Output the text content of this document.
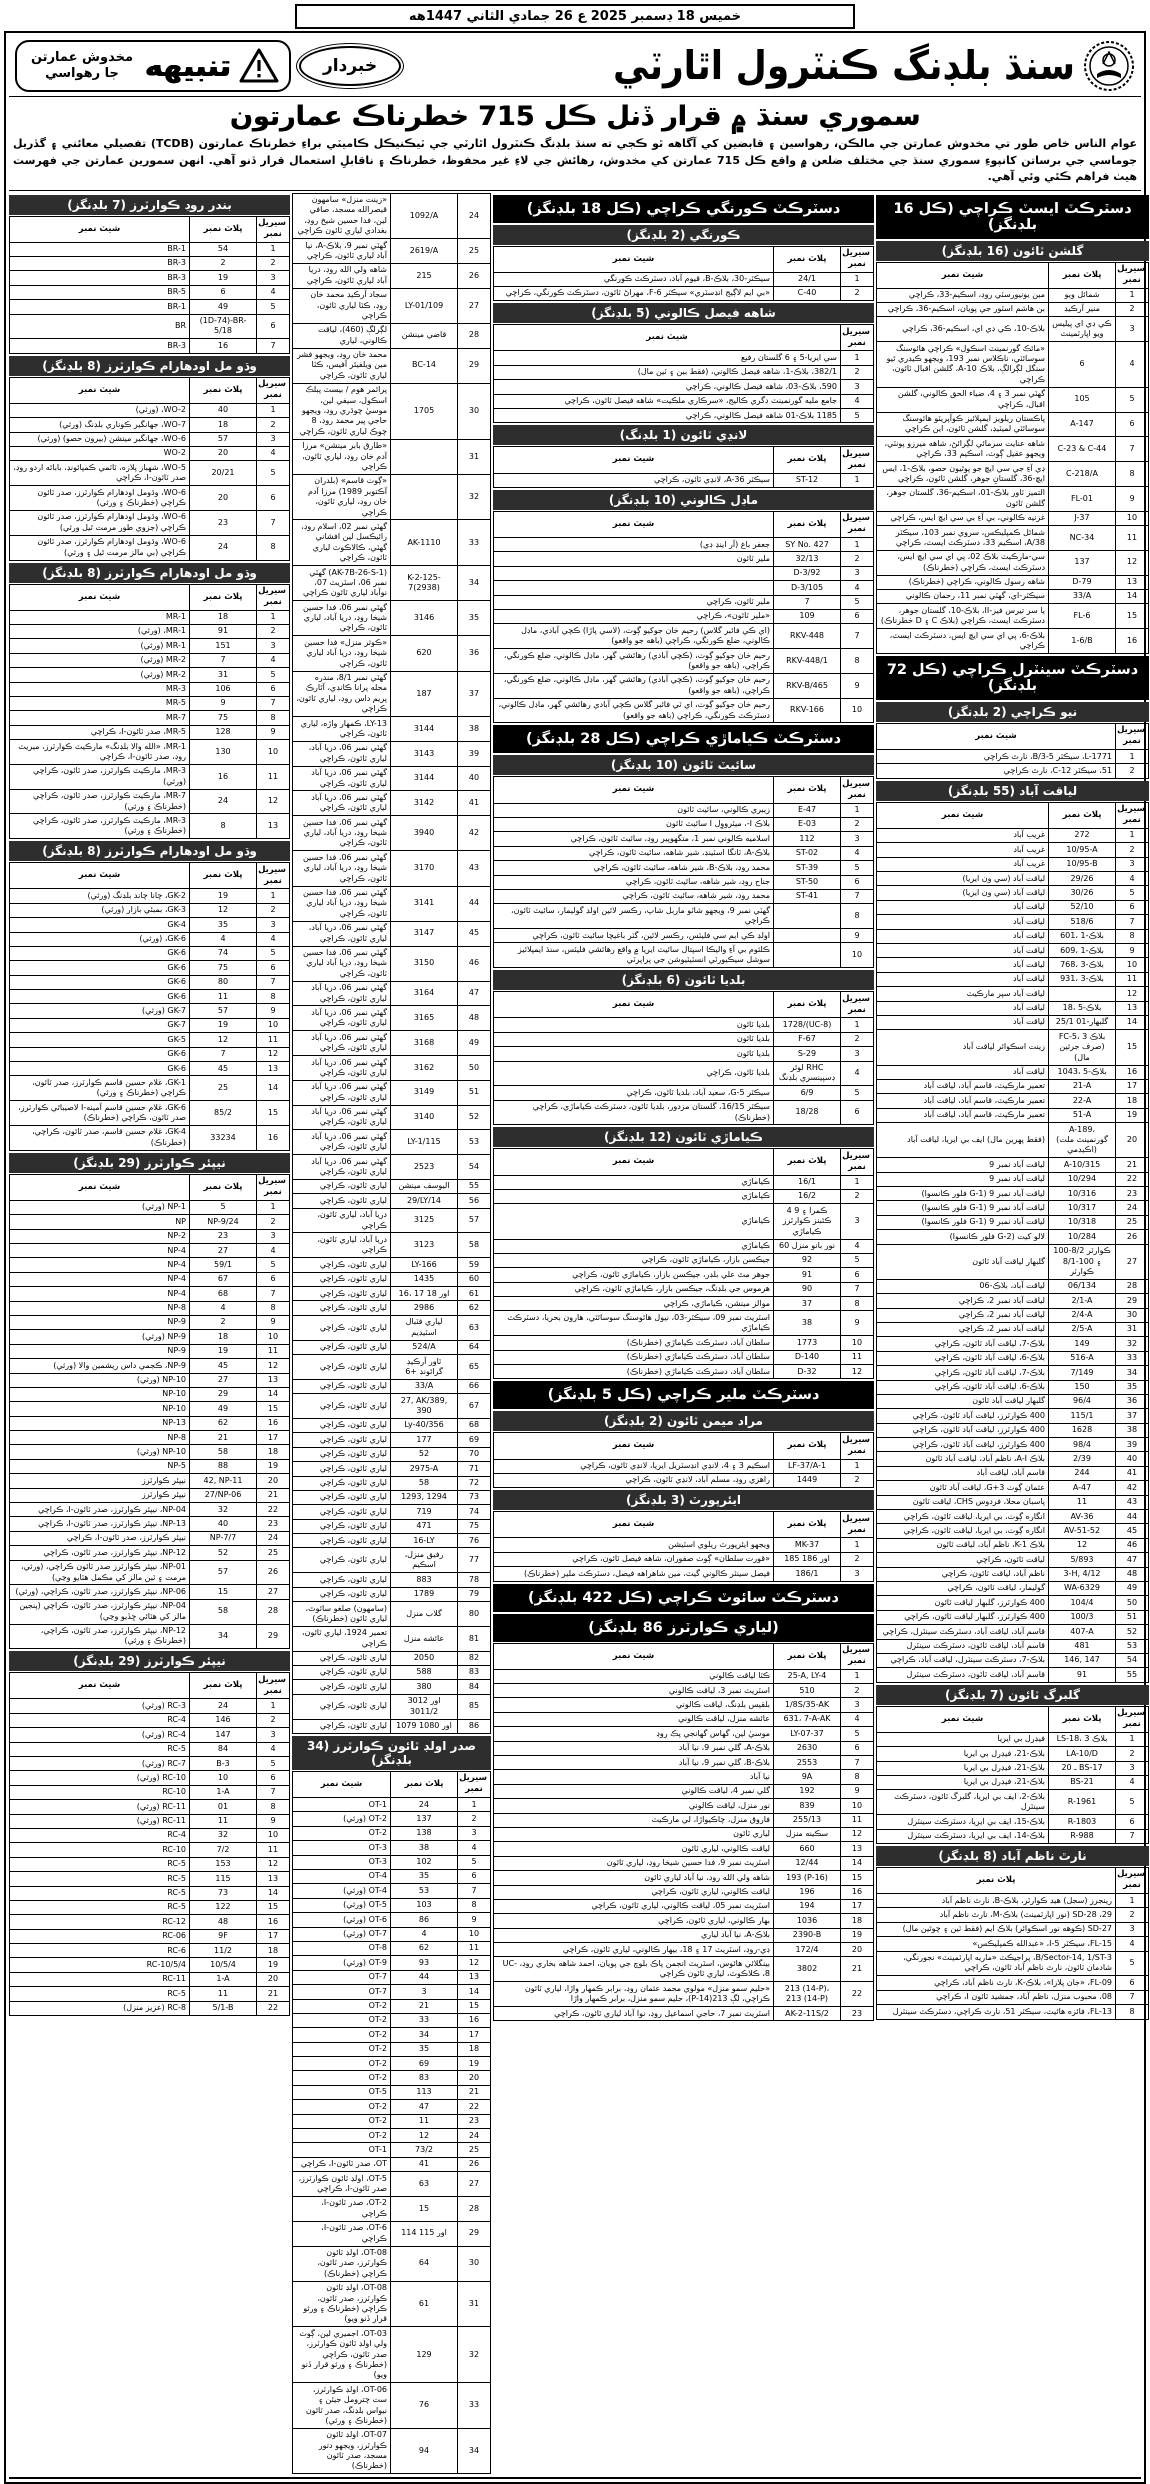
خميس 18 ڊسمبر 2025 ع 26 جمادي الثاني 1447هه
سنڌ بلڊنگ ڪنٽرول اٿارٽي
خبردار
تنبيهه
مخدوش عمارتن جا رهواسي
سموري سنڌ ۾ قرار ڏنل ڪل 715 خطرناڪ عمارتون
عوام الناس خاص طور تي مخدوش عمارتن جي مالڪن، رهواسين ۽ قابضين کي آگاهه ٿو ڪجي ته سنڌ بلڊنگ ڪنٽرول اٿارٽي جي ٽيڪنيڪل ڪاميٽي براءِ خطرناڪ عمارتون (TCDB) تفصيلي معائني ۽ گڏريل جوماسي جي برساتن کانپوءِ سموري سنڌ جي مختلف ضلعن ۾ واقع ڪل 715 عمارتن کي مخدوش، رهائش جي لاءِ غير محفوظ، خطرناڪ ۽ ناقابلِ استعمال قرار ڏنو آهي. انهن سمورين عمارتن جي فهرست هيٺ فراهم ڪئي وئي آهي.
بندر روڊ ڪوارٽرز (7 بلڊنگز)
سيريل نمبر	پلاٽ نمبر	شيٽ نمبر
1	54	BR-1
2	2	BR-3
3	19	BR-3
4	6	BR-5
5	49	BR-1
6	(1D-74)-BR-5/18	BR
7	16	BR-3
وڌو مل اودهارام ڪوارٽرز (8 بلڊنگز)
سيريل نمبر	پلاٽ نمبر	شيٽ نمبر
1	40	WO-2، (ورثي)
2	18	WO-7، جهانگير ڪوناري بلڊنگ (ورثي)
3	57	WO-6، جهانگير مينشن (بيرون حصو) (ورثي)
4	20	WO-2
5	20/21	WO-5، شهباز پلازه، ٽاٽمي ڪمپائونڊ، بابائه اردو روڊ، صدر ٽائون-I، ڪراچي
6	20	WO-6، وڌومل اودهارام ڪوارٽرز، صدر ٽائون ڪراچي (خطرناڪ ۽ ورثي)
7	23	WO-6، وڌومل اودهارام ڪوارٽرز، صدر ٽائون ڪراچي (جزوي طور مرمت ٿيل ورثي)
8	24	WO-6، وڌومل اودهارام ڪوارٽرز، صدر ٽائون ڪراچي (بي مالز مرمت ٿيل ۽ ورثي)
وڌو مل اودهارام ڪوارٽرز (8 بلڊنگز)
سيريل نمبر	پلاٽ نمبر	شيٽ نمبر
1	18	MR-1
2	91	MR-1، (ورثي)
3	151	MR-1 (ورثي)
4	7	MR-2 (ورثي)
5	31	MR-2 (ورثي)
6	106	MR-3
7	9	MR-5
8	75	MR-7
9	128	MR-5، صدر ٽائون-I، ڪراچي
10	130	MR-1، «الله والا بلڊنگ» مارڪيٽ ڪوارٽرز، ميريٽ روڊ، صدر ٽائون-I، ڪراچي
11	16	MR-3، مارڪيٽ ڪوارٽرز، صدر ٽائون، ڪراچي (ورثي)
12	24	MR-7، مارڪيٽ ڪوارٽرز، صدر ٽائون، ڪراچي (خطرناڪ ۽ ورثي)
13	8	MR-3، مارڪيٽ ڪوارٽرز، صدر ٽائون، ڪراچي (خطرناڪ ۽ ورثي)
وڌو مل اودهارام ڪوارٽرز (8 بلڊنگز)
سيريل نمبر	پلاٽ نمبر	شيٽ نمبر
1	19	GK-2، چانا چاند بلڊنگ (ورثي)
2	12	GK-3، بمبئي بازار (ورثي)
3	35	GK-4
4	4	GK-6، (ورثي)
5	74	GK-6
6	75	GK-6
7	80	GK-6
8	11	GK-6
9	57	GK-7 (ورثي)
10	19	GK-7
11	12	GK-5
12	7	GK-6
13	45	GK-6
14	25	GK-1، غلام حسين قاسم ڪوارٽرز، صدر ٽائون، ڪراچي (خطرناڪ ۽ ورثي)
15	85/2	GK-6، غلام حسين قاسم آمينه-I لاصيباٿي ڪوارٽرز، صدر ٽائون، ڪراچي (خطرناڪ)
16	33234	GK-4، غلام حسين قاسم، صدر ٽائون، ڪراچي، (خطرناڪ)
نيپئر ڪوارٽرز (29 بلڊنگز)
سيريل نمبر	پلاٽ نمبر	شيٽ نمبر
1	5	NP-1 (ورثي)
2	NP-9/24	NP
3	23	NP-2
4	27	NP-4
5	59/1	NP-4
6	67	NP-4
7	68	NP-4
8	4	NP-8
9	2	NP-9
10	18	NP-9 (ورثي)
11	19	NP-9
12	45	NP-9، ڪجمي داس ريشمين والا (ورثي)
13	27	NP-10 (ورثي)
14	29	NP-10
15	49	NP-10
16	62	NP-13
17	21	NP-8
18	58	NP-10 (ورثي)
19	88	NP-5
20	42, NP-11	نيپئر ڪوارٽرز
21	27/NP-06	نيپئر ڪوارٽرز
22	32	NP-04، نيپئر ڪوارٽرز، صدر ٽائون-I، ڪراچي
23	40	NP-13، نيپئر ڪوارٽرز، صدر ٽائون-I، ڪراچي
24	NP-7/7	نيپئر ڪوارٽرز، صدر ٽائون-I، ڪراچي
25	52	NP-12، نيپئر ڪوارٽرز، صدر ٽائون، ڪراچي
26	57	NP-01، نيپئر ڪوارٽرز صدر ٽائون ڪراچي، (ورثي، مرمت ۽ ٽين مالز کي مڪمل هٽايو وڃي)
27	15	NP-06، نيپئر ڪوارٽرز، صدر ٽائون، ڪراچي، (ورثي)
28	58	NP-04، نيپئر ڪوارٽرز، صدر ٽائون، ڪراچي (پنجين مالز کي هٽائي ڇڏيو وڃي)
29	34	NP-12، نيپئر ڪوارٽرز، صدر ٽائون، ڪراچي، (خطرناڪ ۽ ورثي)
نيپئر ڪوارٽرز (29 بلڊنگز)
سيريل نمبر	پلاٽ نمبر	شيٽ نمبر
1	24	RC-3 (ورثي)
2	146	RC-4
3	147	RC-4 (ورثي)
4	84	RC-5
5	B-3	RC-7 (ورثي)
6	10	RC-10 (ورثي)
7	1-A	RC-10
8	01	RC-11 (ورثي)
9	11	RC-11 (ورثي)
10	32	RC-4
11	7/2	RC-10
12	153	RC-5
13	115	RC-5
14	73	RC-5
15	122	RC-5
16	48	RC-12
17	9F	RC-06
18	11/2	RC-6
19	10/5/4	RC-10/5/4
20	1-A	RC-11
21	11	RC-5
22	5/1-B	RC-8 (عزيز منزل)
24	1092/A	«زينت منزل» سامهون قيصرالله مسجد، صافي لين، فدا حسين شيخ روڊ، بغدادي لياري ٽائون ڪراچي
25	2619/A	گهٽي نمبر 9، بلاڪ-A، نيا آباد لياري ٽائون، ڪراچي
26	215	شاهه ولي الله روڊ، دريا آباد لياري ٽائون، ڪراچي
27	LY-01/109	سجاد آرڪيڊ محمد خان روڊ، ڪٽا لياري ٽائون، ڪراچي
28	قاضي مينشن	لڳرلڳ (460)، لياقت ڪالوني، لياري
29	BC-14	محمد خان روڊ، ويجهو فشر مين ويلفيئر آفيس، ڪٽا لياري ٽائون، ڪراچي
30	1705	پرائمر هوم / بيسٽ پبلڪ اسڪول، سيفي لين، موسيٰ چوڌري روڊ، ويجهو حاجي پير محمد روڊ، 8 چوڪ لياري ٽائون، ڪراچي
31		«طارق بابر مينشن» مرزا آدم خان روڊ، لياري ٽائون، ڪراچي
32		«ڳوٺ قاسم» (بلدران آڪتوبر 1989) مرزا آدم خان روڊ، لياري ٽائون، ڪراچي
33	AK-1110	گهٽي نمبر 02، اسلام روڊ، رائيڪسل لين افشاني گهٽي، ڪالاڪوٽ لياري ٽائون، ڪراچي
34	K-2-125-7(2938)	(AK-7B-26-S-1) گهٽي نمبر 06، اسٽريٽ 07، نوآباد لياري ٽائون ڪراچي
35	3146	گهٽي نمبر 06، فدا حسين شيخا روڊ، دريا آباد، لياري ٽائون، ڪراچي
36	620	«ڪوثر منزل» فدا حسين شيخا روڊ، دريا آباد لياري ٽائون، ڪراچي
37	187	گهٽي نمبر 8/1، مندره محله پرانا ڪانڊي، آٿارڪ پريم داس روڊ، لياري ٽائون، ڪراچي
38	3144	LY-13، ڪمهار واڙه، لياري ٽائون، ڪراچي
39	3143	گهٽي نمبر 06، دريا آباد، لياري ٽائون، ڪراچي
40	3144	گهٽي نمبر 06، دريا آباد لياري ٽائون، ڪراچي
41	3142	گهٽي نمبر 06، دريا آباد لياري ٽائون، ڪراچي
42	3940	گهٽي نمبر 06، فدا حسين شيخا روڊ، دريا آباد، لياري ٽائون، ڪراچي
43	3170	گهٽي نمبر 06، فدا حسين شيخا روڊ، دريا آباد، لياري ٽائون، ڪراچي
44	3141	گهٽي نمبر 06، فدا حسين شيخا روڊ، دريا آباد لياري ٽائون، ڪراچي
45	3147	گهٽي نمبر 06، دريا آباد، لياري ٽائون، ڪراچي
46	3150	گهٽي نمبر 06، فدا حسين شيخا روڊ، دريا آباد لياري ٽائون، ڪراچي
47	3164	گهٽي نمبر 06، دريا آباد لياري ٽائون، ڪراچي
48	3165	گهٽي نمبر 06، دريا آباد لياري ٽائون، ڪراچي
49	3168	گهٽي نمبر 06، دريا آباد لياري ٽائون، ڪراچي
50	3162	گهٽي نمبر 06، دريا آباد لياري ٽائون، ڪراچي
51	3149	گهٽي نمبر 06، دريا آباد لياري ٽائون، ڪراچي
52	3140	گهٽي نمبر 06، دريا آباد لياري ٽائون، ڪراچي
53	LY-1/115	گهٽي نمبر 06، دريا آباد لياري ٽائون، ڪراچي
54	2523	گهٽي نمبر 06، دريا آباد لياري ٽائون، ڪراچي
55	اليوسف مينشن	لياري ٽائون، ڪراچي
56	29/LY/14	لياري ٽائون، ڪراچي
57	3125	دريا آباد، لياري ٽائون، ڪراچي
58	3123	دريا آباد، لياري ٽائون، ڪراچي
59	LY-166	لياري ٽائون، ڪراچي
60	1435	لياري ٽائون، ڪراچي
61	16، 17 اور 18	لياري ٽائون، ڪراچي
62	2986	لياري ٽائون، ڪراچي
63	لياري فٽبال اسٽيڊيم	لياري ٽائون، ڪراچي
64	524/A	لياري ٽائون، ڪراچي
65	ٽاور آرڪيڊ گرائونڊ +6	لياري ٽائون، ڪراچي
66	33/A	لياري ٽائون، ڪراچي
67	27, AK/389, 390	لياري ٽائون، ڪراچي
68	Ly-40/356	لياري ٽائون، ڪراچي
69	177	لياري ٽائون، ڪراچي
70	52	لياري ٽائون، ڪراچي
71	2975-A	لياري ٽائون، ڪراچي
72	58	لياري ٽائون، ڪراچي
73	1293, 1294	لياري ٽائون، ڪراچي
74	719	لياري ٽائون، ڪراچي
75	471	لياري ٽائون، ڪراچي
76	16-LY	لياري ٽائون، ڪراچي
77	رفيق منزل، اسڪيم	لياري ٽائون، ڪراچي
78	883	لياري ٽائون، ڪراچي
79	1789	لياري ٽائون، ڪراچي
80	گلاب منزل	(سامهون) صلغو سائوٿ، لياري ٽائون (خطرناڪ)
81	عائشه منزل	تعمير 1924، لياري ٽائون، ڪراچي
82	2050	لياري ٽائون، ڪراچي
83	588	لياري ٽائون، ڪراچي
84	380	لياري ٽائون، ڪراچي
85	3012 اور 3011/2	لياري ٽائون، ڪراچي
86	1079 اور 1080	لياري ٽائون، ڪراچي
صدر اولڊ ٽائون ڪوارٽرز (34 بلڊنگز)
سيريل نمبر	پلاٽ نمبر	شيٽ نمبر
1	24	OT-1
2	137	OT-2 (ورثي)
3	138	OT-2
4	38	OT-3
5	102	OT-3
6	35	OT-4
7	53	OT-4 (ورثي)
8	103	OT-5 (ورثي)
9	86	OT-6 (ورثي)
10	4	OT-7 (ورثي)
11	62	OT-8
12	93	OT-9 (ورثي)
13	44	OT-7
14	3	OT-7
15	21	OT-2
16	33	OT-2
17	34	OT-2
18	35	OT-2
19	69	OT-2
20	83	OT-2
21	113	OT-5
22	47	OT-2
23	11	OT-2
24	12	OT-2
25	73/2	OT-1
26	41	OT، صدر ٽائون-I، ڪراچي
27	63	OT-5، اولڊ ٽائون ڪوارٽرز، صدر ٽائون-I، ڪراچي
28	15	OT-2، صدر ٽائون-I، ڪراچي
29	114 اور 115	OT-6، صدر ٽائون-I، ڪراچي
30	64	OT-08، اولڊ ٽائون ڪوارٽرز، صدر ٽائون، ڪراچي (خطرناڪ)
31	61	OT-08، اولڊ ٽائون ڪوارٽرز، صدر ٽائون، ڪراچي (خطرناڪ ۽ ورثو قرار ڏنو ويو)
32	129	OT-03، اجميري لين، ڳوٺ ولي اولڊ ٽائون ڪوارٽرز، صدر ٽائون، ڪراچي (خطرناڪ ۽ ورثو قرار ڏنو ويو)
33	76	OT-06، اولڊ ڪوارٽرز، ست چترومل جيئن ۽ نيواس بلڊنگ، صدر ٽائون (خطرناڪ ۽ ورثي)
34	94	OT-07، اولڊ ٽائون ڪوارٽرز، ويجهو دتور مسجد، صدر ٽائون (خطرناڪ)
دسٽرڪٽ ڪورنگي ڪراچي (ڪل 18 بلڊنگز)
ڪورنگي (2 بلڊنگز)
سيريل نمبر	پلاٽ نمبر	شيٽ نمبر
1	24/1	سيڪٽر-30، بلاڪ-B، قيوم آباد، دسٽرڪٽ ڪورنگي
2	C-40	«بي ايم لاڳيج انڊسٽري» سيڪٽر 6-F، مهراڻ ٽائون، دسٽرڪٽ ڪورنگي، ڪراچي
شاهه فيصل ڪالوني (5 بلڊنگز)
سيريل نمبر	شيٽ نمبر
1	سي ايريا-5 ۽ 6 گلستان رفيع
2	382/1، بلاڪ-1، شاهه فيصل ڪالوني، (فقط بين ۽ ٽين مال)
3	590، بلاڪ-03، شاهه فيصل ڪالوني، ڪراچي
4	جامع مليه گورنمينٽ ڊگري ڪاليج، «سرڪاري ملڪيت» شاهه فيصل ٽائون، ڪراچي
5	1185 بلاڪ-01 شاهه فيصل ڪالوني، ڪراچي
لانڍي ٽائون (1 بلڊنگ)
سيريل نمبر	پلاٽ نمبر	شيٽ نمبر
1	ST-12	سيڪٽر A-36، لانڍي ٽائون، ڪراچي
ماڊل ڪالوني (10 بلڊنگز)
سيريل نمبر	پلاٽ نمبر	شيٽ نمبر
1	SY No. 427	جعفر باغ (آر اينڊ ڊي)
2	32/13	ملير ٽائون
3	D-3/92	
4	D-3/105	
5	7	ملير ٽائون، ڪراچي
6	109	«ملير ٽائون»، ڪراچي
7	RKV-448	(اي ڪي فائبر گلاس) رحيم خان جوکيو ڳوٺ، (لاسي پاڙا) ڪچي آبادي، ماڊل ڪالوني، ضلع ڪورنگي، ڪراچي (باهه جو واقعو)
8	RKV-448/1	رحيم خان جوکيو ڳوٺ، (ڪچي آبادي) رهائشي گهر، ماڊل ڪالوني، ضلع ڪورنگي، ڪراچي، (باهه جو واقعو)
9	RKV-B/465	رحيم خان جوکيو ڳوٺ، (ڪچي آبادي) رهائشي گهر، ماڊل ڪالوني، ضلع ڪورنگي، ڪراچي، (باهه جو واقعو)
10	RKV-166	رحيم خان جوکيو ڳوٺ، اي ٽي فائبر گلاس ڪچي آبادي رهائشي گهر، ماڊل ڪالوني، دسٽرڪٽ ڪورنگي، ڪراچي (باهه جو واقعو)
دسٽرڪٽ ڪياماڙي ڪراچي (ڪل 28 بلڊنگز)
سائيٽ ٽائون (10 بلڊنگز)
سيريل نمبر	پلاٽ نمبر	شيٽ نمبر
1	E-47	زيبري ڪالوني، سائيٽ ٽائون
2	E-03	بلاڪ I-، ميٽرووِل I سائيٽ ٽائون
3	112	اسلاميه ڪالوني نمبر 1، منگهوپير روڊ، سائيٽ ٽائون، ڪراچي
4	ST-02	بلاڪ-A، ٽانگا اسٽينڊ، شير شاهه، سائيٽ ٽائون، ڪراچي
5	ST-39	محمد روڊ، بلاڪ-B، شير شاهه، سائيٽ ٽائون، ڪراچي
6	ST-50	جناح روڊ، شير شاهه، سائيٽ ٽائون، ڪراچي
7	ST-41	محمد روڊ، شير شاهه، سائيٽ ٽائون، ڪراچي
8		گهٽي نمبر 9، ويجهو شاٽو ماربل شاپ، رڪسر لائين اولڊ گوليمار، سائيٽ ٽائون، ڪراچي
9		اولڊ ڪي ايم سي فليٽس، رڪسر لائين، گٽر باغيچا سائيٽ ٽائون، ڪراچي
10		ڪلثوم بي آءِ واليڪا اسپتال سائيٽ ايريا ۾ واقع رهائشي فليٽس، سنڌ ايمپلائيز سوشل سيڪيورٽي انسٽيٽيوشن جي پراپرٽي
بلديا ٽائون (6 بلڊنگز)
سيريل نمبر	پلاٽ نمبر	شيٽ نمبر
1	1728/(UC-8)	بلديا ٽائون
2	F-67	بلديا ٽائون
3	S-29	بلديا ٽائون
4	لوئر RHC ڊسپينسري بلڊنگ	بلديا ٽائون، ڪراچي
5	6/9	سيڪٽر G-5، سعيد آباد، بلديا ٽائون، ڪراچي
6	18/28	سيڪٽر 16/15، گلستان مزدور، بلديا ٽائون، دسٽرڪٽ ڪياماڙي، ڪراچي (خطرناڪ)
ڪياماڙي ٽائون (12 بلڊنگز)
سيريل نمبر	پلاٽ نمبر	شيٽ نمبر
1	16/1	ڪياماڙي
2	16/2	ڪياماڙي
3	4 ڪمرا ۽ 9 ڪئبنز ڪوارٽرز ڪياماڙي	ڪياماڙي
4	60 نور بانو منزل	ڪياماڙي
5	92	جيڪسن بازار، ڪياماڙي ٽائون، ڪراچي
6	91	جوهر مٿ علي بلڊر، جيڪسن بازار، ڪياماڙي ٽائون، ڪراچي
7	90	هرموس جي بلڊنگ، جيڪسن بازار، ڪياماڙي ٽائون، ڪراچي
8	37	موالز مينشن، ڪياماڙي، ڪراچي
9	38	اسٽريٽ نمبر 09، سيڪٽر-03، نيول هائوسنگ سوسائٽي، هارون بحريا، دسٽرڪٽ ڪياماڙي
10	1773	سلطان آباد، دسٽرڪٽ ڪياماڙي (خطرناڪ)
11	D-140	سلطان آباد، دسٽرڪٽ ڪياماڙي (خطرناڪ)
12	D-32	سلطان آباد، دسٽرڪٽ ڪياماڙي (خطرناڪ)
دسٽرڪٽ ملير ڪراچي (ڪل 5 بلڊنگز)
مراد ميمن ٽائون (2 بلڊنگز)
سيريل نمبر	پلاٽ نمبر	شيٽ نمبر
1	LF-37/A-1	اسڪيم 3 ۽ 4، لانڍي انڊسٽريل ايريا، لانڍي ٽائون، ڪراچي
2	1449	راهزي روڊ، مسلم آباد، لانڍي ٽائون، ڪراچي
ايئرپورٽ (3 بلڊنگز)
سيريل نمبر	پلاٽ نمبر	شيٽ نمبر
1	MK-37	ويجهو ايئرپورٽ ريلوي اسٽيشن
2	185 اور 186	«قورت سلطان» ڳوٺ صفوران، شاهه فيصل ٽائون، ڪراچي
3	186/1	فيصل سينٽر ڪالوني گيٽ، مين شاهراهه فيصل، دسٽرڪٽ ملير (خطرناڪ)
دسٽرڪٽ سائوٽ ڪراچي (ڪل 422 بلڊنگز)
(لياري ڪوارٽرز 86 بلڊنگز)
سيريل نمبر	پلاٽ نمبر	شيٽ نمبر
1	25-A, LY-4	ڪٽا لياقت ڪالوني
2	510	اسٽريٽ نمبر 3، لياقت ڪالوني
3	1/8S/35-AK	بلقيس بلڊنگ، لياقت ڪالوني
4	631، 7-A-AK	عائشه منزل، لياقت ڪالوني
5	LY-07-37	موسيٰ لين، گهاس گهانجي پڪ روڊ
6	2630	بلاڪ-A، گلي نمبر 9، نيا آباد
7	2553	بلاڪ-B، گلي نمبر 9، نيا آباد
8	9A	نيا آباد
9	192	گلي نمبر 4، لياقت ڪالوني
10	839	نور منزل، لياقت ڪالوني
11	255/13	فاروق منزل، چاڪيواڙا، لي مارڪيٽ
12	سڪينه منزل	لياري ٽائون
13	660	لياقت ڪالوني، لياري ٽائون
14	12/44	اسٽريٽ نمبر 9، فدا حسين شيخا روڊ، لياري ٽائون
15	193 (P-16)	شاهه ولي الله روڊ، نيا آباد لياري ٽائون
16	196	لياقت ڪالوني، لياري ٽائون، ڪراچي
17	194	اسٽريٽ نمبر 05، لياقت ڪالوني، لياري ٽائون، ڪراچي
18	1036	بهار ڪالوني، لياري ٽائون، ڪراچي
19	2390-B	بلاڪ-A، نيا آباد لياري
20	172/4	ڊي-روڊ، اسٽريٽ 17 ۽ 18، بيهار ڪالوني، لياري ٽائون، ڪراچي
21	3802	بينگلائي هائوس، اسٽريٽ انجمن پاڪ بلوچ جي پويان، احمد شاهه بخاري روڊ، UC-8، ڪلاڪوٽ، لياري ٽائون ڪراچي
22	213 (14-P)، 213 (14-P)	«حليم سمو منزل» مولوي محمد عثمان روڊ، برابر ڪمهار واڙا، لياري ٽائون ڪراچي، لڳ 213(14-P)، حليم سمو منزل، برابر ڪمهار واڙا
23	AK-2-11S/2	اسٽريٽ نمبر 7، حاجي اسماعيل روڊ، نوا آباد لياري ٽائون، ڪراچي
دسٽرڪٽ ايسٽ ڪراچي (ڪل 16 بلڊنگز)
گلشن ٽائون (16 بلڊنگز)
سيريل نمبر	پلاٽ نمبر	شيٽ نمبر
1	شمائل ويو	مين يونيورسٽي روڊ، اسڪيم-33، ڪراچي
2	منير آرڪيڊ	بن هاشم اسٽور جي پويان، اسڪيم-36، ڪراچي
3	ڪي ڊي اي پيليس ويو اپارٽمينٽ	بلاڪ-10، ڪي ڊي اي، اسڪيم-36، ڪراچي
4	6	«مائڪ گورنمينٽ اسڪول» ڪراچي هائوسنگ سوسائٽي، ناڪلاس نمبر 193، ويجهو ڪيڊري ٿيو سنگل لڳرالڳ، بلاڪ 10-A، گلشن اقبال ٽائون، ڪراچي
5	105	گهٽي نمبر 3 ۽ 4، ضياء الحق ڪالوني، گلشن اقبال، ڪراچي
6	A-147	پاڪستان ريلويز ايمپلائيز ڪوآپريٽو هائوسنگ سوسائٽي لميٽيڊ، گلشن ٽائون، اين ڪراچي
7	C-23 & C-44	شاهه عنايت سرمائي لڳرائڻ، شاهه ميرزو پونٽي، ويجهو عقيل ڳوٺ، اسڪيم 33، ڪراچي
8	C-218/A	ڊي آءِ جي سي ايڇ جو پوٿيون حصو، بلاڪ-1، ايس ايڇ-36، گلستانِ جوهر، گلشن ٽائون، ڪراچي
9	FL-01	التميز ٽاور بلاڪ-01، اسڪيم-36، گلستان جوهر، گلشن ٽائون
10	J-37	غزنيه ڪالوني، بي آءِ بي سي ايڇ ايس، ڪراچي
11	NC-34	شمائل ڪمپليڪس، سروي نمبر 103، سيڪٽر 38/A، اسڪيم 33، دسٽرڪٽ ايسٽ، ڪراچي
12	137	سي-مارڪيٽ بلاڪ 02، پي اي سي ايڇ ايس، دسٽرڪٽ ايسٽ، ڪراچي (خطرناڪ)
13	D-79	شاهه رسول ڪالوني، ڪراچي (خطرناڪ)
14	33/A	سيڪٽر-اي، گهٽي نمبر 11، رحمان ڪالوني
15	FL-6	يا سر تيرس فيز-II، بلاڪ-10، گلستان جوهر، دسٽرڪٽ ايسٽ، ڪراچي (بلاڪ C ۽ D خطرناڪ)
16	1-6/B	بلاڪ-6، پي اي سي ايڇ ايس، دسٽرڪٽ ايسٽ، ڪراچي
دسٽرڪٽ سينٽرل ڪراچي (ڪل 72 بلڊنگز)
نيو ڪراچي (2 بلڊنگز)
سيريل نمبر	شيٽ نمبر
1	L-1771، سيڪٽر 5-B/3، نارٿ ڪراچي
2	51، سيڪٽر C-12، نارٿ ڪراچي
لياقت آباد (55 بلڊنگز)
سيريل نمبر	پلاٽ نمبر	شيٽ نمبر
1	272	غريب آباد
2	10/95-A	غريب آباد
3	10/95-B	غريب آباد
4	29/26	لياقت آباد (سي ون ايريا)
5	30/26	لياقت آباد (سي ون ايريا)
6	52/10	لياقت آباد
7	518/6	لياقت آباد
8	601، بلاڪ-1	لياقت آباد
9	609، بلاڪ-1	لياقت آباد
10	768، بلاڪ-3	لياقت آباد
11	931، بلاڪ-3	لياقت آباد
12		لياقت آباد سپر مارڪيٽ
13	18، بلاڪ-5	لياقت آباد
14	25/1 گلبهار-01	لياقت آباد
15	FC-5، بلاڪ 3 (صرف جرثين مال)	زينت اسڪوائر لياقت آباد
16	1043، بلاڪ-5	لياقت آباد
17	21-A	تعمير مارڪيٽ، قاسم آباد، لياقت آباد
18	22-A	تعمير مارڪيٽ، قاسم آباد، لياقت آباد
19	51-A	تعمير مارڪيٽ، قاسم آباد، لياقت آباد
20	A-189، (گورنمينٽ ملت اڪيڊمي)	(فقط پهرين مال) ايف بي ايريا، لياقت آباد
21	A-10/315	لياقت آباد نمبر 9
22	10/294	لياقت آباد نمبر 9
23	10/316	لياقت آباد نمبر 9 (G-1 فلور ڪانسوا)
24	10/317	لياقت آباد نمبر 9 (G-1 فلور ڪانسوا)
25	10/318	لياقت آباد نمبر 9 (G-1 فلور ڪانسوا)
26	10/284	لالو کيت (G-2 فلور ڪانسوا)
27	100-8/2 ڪوارٽر ۽ 100-8/1 ڪوارٽر	گلبهار لياقت آباد ٽائون
28	06/134	لياقت آباد، بلاڪ-06
29	2/1-A	لياقت آباد نمبر 2، ڪراچي
30	2/4-A	لياقت آباد نمبر 2، ڪراچي
31	2/5-A	لياقت آباد نمبر 2، ڪراچي
32	149	بلاڪ-7، لياقت آباد ٽائون، ڪراچي
33	516-A	بلاڪ-6، لياقت آباد ٽائون، ڪراچي
34	7/149	بلاڪ-7، لياقت آباد ٽائون، ڪراچي
35	150	بلاڪ-6، لياقت آباد ٽائون، ڪراچي
36	96/4	گلبهار لياقت آباد ٽائون
37	115/1	400 ڪوارٽرز، لياقت آباد ٽائون، ڪراچي
38	1628	400 ڪوارٽرز، لياقت آباد ٽائون، ڪراچي
39	98/4	400 ڪوارٽرز، لياقت آباد ٽائون، ڪراچي
40	2/39	بلاڪ A-I، ناظم آباد، لياقت آباد ٽائون
41	244	قاسم آباد، لياقت آباد
42	A-47	عثمان ڳوٺ G+3، لياقت آباد ٽائون
43	11	پاسبان محلا، فردوس CHS، لياقت ٽائون
44	AV-36	انگاره ڳوٺ، بي ايريا، لياقت ٽائون، ڪراچي
45	AV-51-52	انگاره ڳوٺ، بي ايريا، لياقت ٽائون، ڪراچي
46	12	بلاڪ K-1، ناظم آباد، لياقت ٽائون
47	5/893	لياقت ٽائون، ڪراچي
48	3-H, 4/12	ناظم آباد، لياقت ٽائون، ڪراچي
49	WA-6329	گوليمار، لياقت ٽائون، ڪراچي
50	104/4	400 ڪوارٽرز، گلبهار لياقت ٽائون
51	100/3	400 ڪوارٽرز، گلبهار لياقت ٽائون، ڪراچي
52	407-A	قاسم آباد، لياقت آباد، دسٽرڪٽ سينٽرل، ڪراچي
53	481	قاسم آباد، لياقت ٽائون، دسٽرڪٽ سينٽرل
54	146, 147	بلاڪ-7، دسٽرڪٽ سينٽرل، لياقت آباد، ڪراچي
55	91	قاسم آباد، لياقت ٽائون، دسٽرڪٽ سينٽرل
گلبرگ ٽائون (7 بلڊنگز)
سيريل نمبر	پلاٽ نمبر	شيٽ نمبر
1	LS-18، بلاڪ 3	فيڊرل بي ايريا
2	LA-10/D	بلاڪ-21، فيڊرل بي ايريا
3	20 ـ BS-17	بلاڪ-21، فيڊرل بي ايريا
4	BS-21	بلاڪ-21، فيڊرل بي ايريا
5	R-1961	بلاڪ-2، ايف بي ايريا، گلبرگ ٽائون، دسٽرڪٽ سينٽرل
6	R-1803	بلاڪ-15، ايف بي ايريا، دسٽرڪٽ سينٽرل
7	R-988	بلاڪ-14، ايف بي ايريا، دسٽرڪٽ سينٽرل
نارٿ ناظم آباد (8 بلڊنگز)
سيريل نمبر	پلاٽ نمبر
1	رينجرز (سجل) هيڊ ڪوارٽر، بلاڪ-B، نارٿ ناظم آباد
2	29، SD-28 (نور اپارٽمينٽ) بلاڪ-M، نارٿ ناظم آباد
3	SD-27 (ڪوهه نور اسڪوائر) بلاڪ ايم (فقط ٽين ۽ چوٿين مال)
4	FL-15، سيڪٽر 5-I، «عبدالله ڪمپليڪس»
5	B/Sector-14, 1/ST-3، پراجيڪٽ «ماريه اپارٽمينٽ» نجورنگي، شادمان ٽائون، نارٿ ناظم آباد ٽائون، ڪراچي
6	FL-09، «جان پلازا»، بلاڪ-K، نارٿ ناظم آباد، ڪراچي
7	08، محبوب منزل، ناظم آباد، جمشيد ٽائون I، ڪراچي
8	FL-13، فائزه هائيٽ، سيڪٽر 51، نارٿ ڪراچي، دسٽرڪٽ سينٽرل
